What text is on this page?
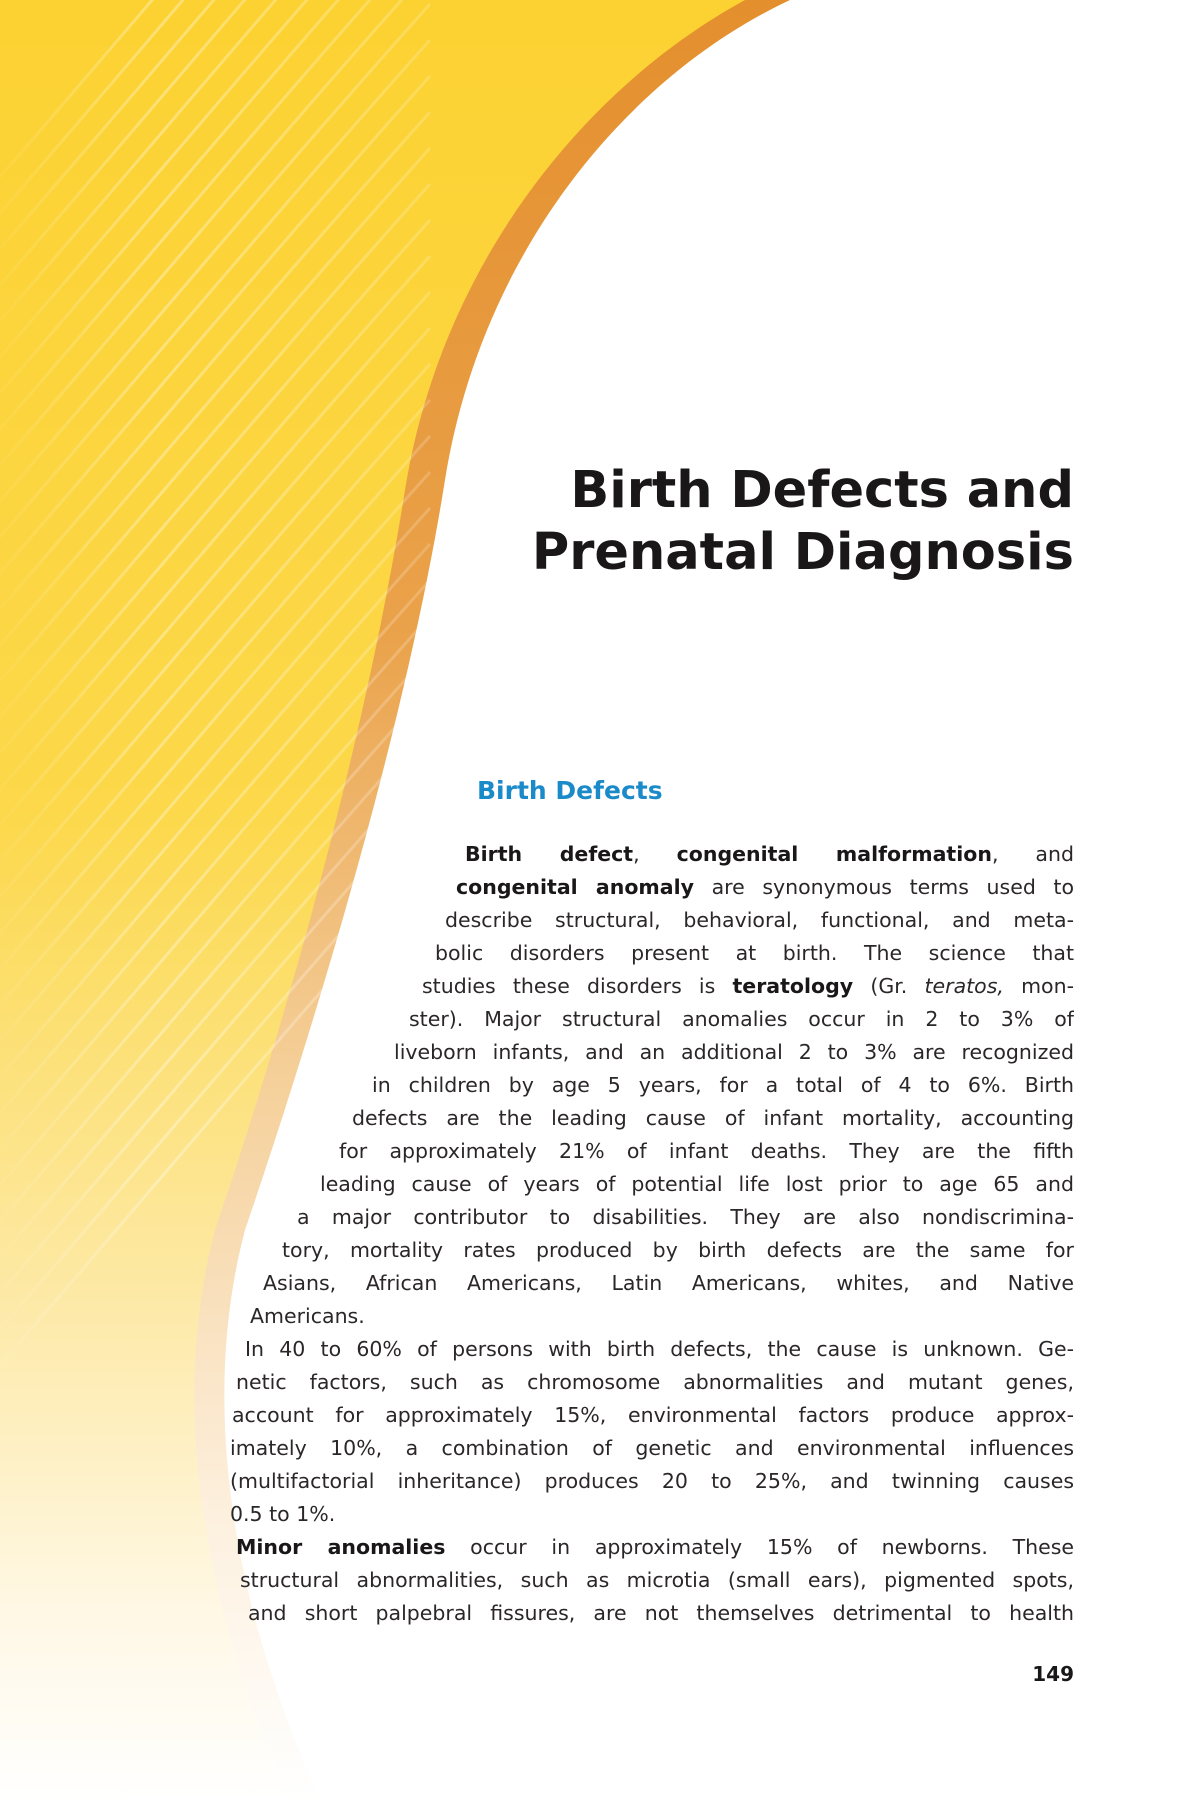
Birth Defects and
Prenatal Diagnosis
Birth Defects
Birth defect, congenital malformation, and
congenital anomaly are synonymous terms used to
describe structural, behavioral, functional, and meta-
bolic disorders present at birth. The science that
studies these disorders is teratology (Gr. teratos, mon-
ster). Major structural anomalies occur in 2 to 3% of
liveborn infants, and an additional 2 to 3% are recognized
in children by age 5 years, for a total of 4 to 6%. Birth
defects are the leading cause of infant mortality, accounting
for approximately 21% of infant deaths. They are the fifth
leading cause of years of potential life lost prior to age 65 and
a major contributor to disabilities. They are also nondiscrimina-
tory, mortality rates produced by birth defects are the same for
Asians, African Americans, Latin Americans, whites, and Native
Americans.
In 40 to 60% of persons with birth defects, the cause is unknown. Ge-
netic factors, such as chromosome abnormalities and mutant genes,
account for approximately 15%, environmental factors produce approx-
imately 10%, a combination of genetic and environmental influences
(multifactorial inheritance) produces 20 to 25%, and twinning causes
0.5 to 1%.
Minor anomalies occur in approximately 15% of newborns. These
structural abnormalities, such as microtia (small ears), pigmented spots,
and short palpebral fissures, are not themselves detrimental to health
149
